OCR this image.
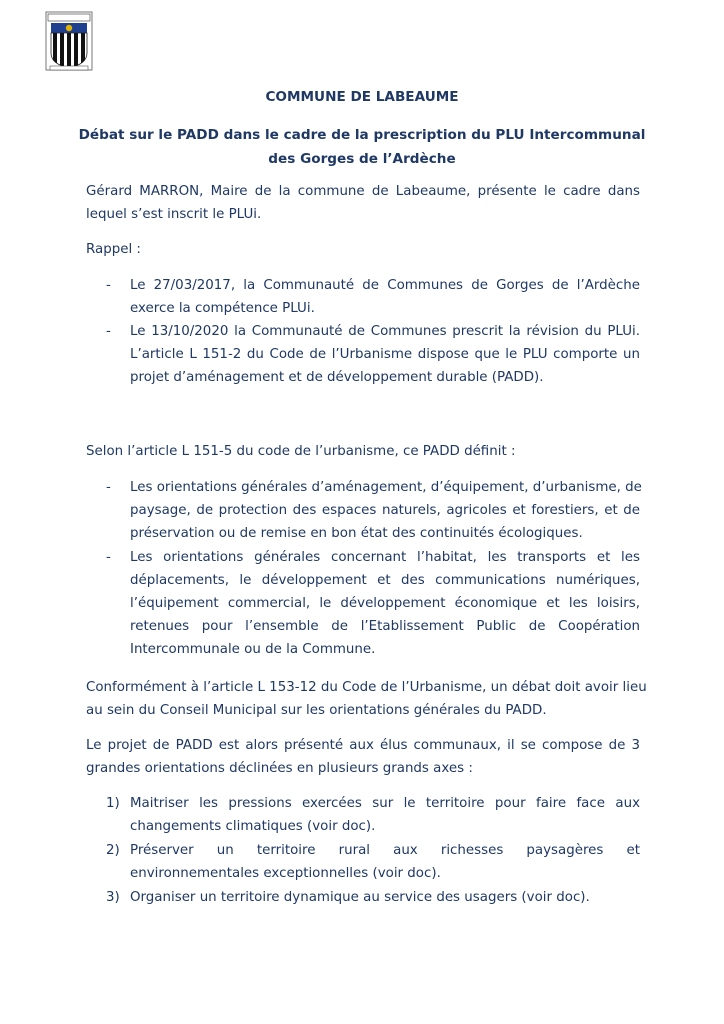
COMMUNE DE LABEAUME
Débat sur le PADD dans le cadre de la prescription du PLU Intercommunal
des Gorges de l’Ardèche
Gérard MARRON, Maire de la commune de Labeaume, présente le cadre dans
lequel s’est inscrit le PLUi.
Rappel :
- Le 27/03/2017, la Communauté de Communes de Gorges de l’Ardèche
exerce la compétence PLUi.
- Le 13/10/2020 la Communauté de Communes prescrit la révision du PLUi.
L’article L 151-2 du Code de l’Urbanisme dispose que le PLU comporte un
projet d’aménagement et de développement durable (PADD).
Selon l’article L 151-5 du code de l’urbanisme, ce PADD définit :
- Les orientations générales d’aménagement, d’équipement, d’urbanisme, de
paysage, de protection des espaces naturels, agricoles et forestiers, et de
préservation ou de remise en bon état des continuités écologiques.
- Les orientations générales concernant l’habitat, les transports et les
déplacements, le développement et des communications numériques,
l’équipement commercial, le développement économique et les loisirs,
retenues pour l’ensemble de l’Etablissement Public de Coopération
Intercommunale ou de la Commune.
Conformément à l’article L 153-12 du Code de l’Urbanisme, un débat doit avoir lieu
au sein du Conseil Municipal sur les orientations générales du PADD.
Le projet de PADD est alors présenté aux élus communaux, il se compose de 3
grandes orientations déclinées en plusieurs grands axes :
1) Maitriser les pressions exercées sur le territoire pour faire face aux
changements climatiques (voir doc).
2) Préserver un territoire rural aux richesses paysagères et
environnementales exceptionnelles (voir doc).
3) Organiser un territoire dynamique au service des usagers (voir doc).
